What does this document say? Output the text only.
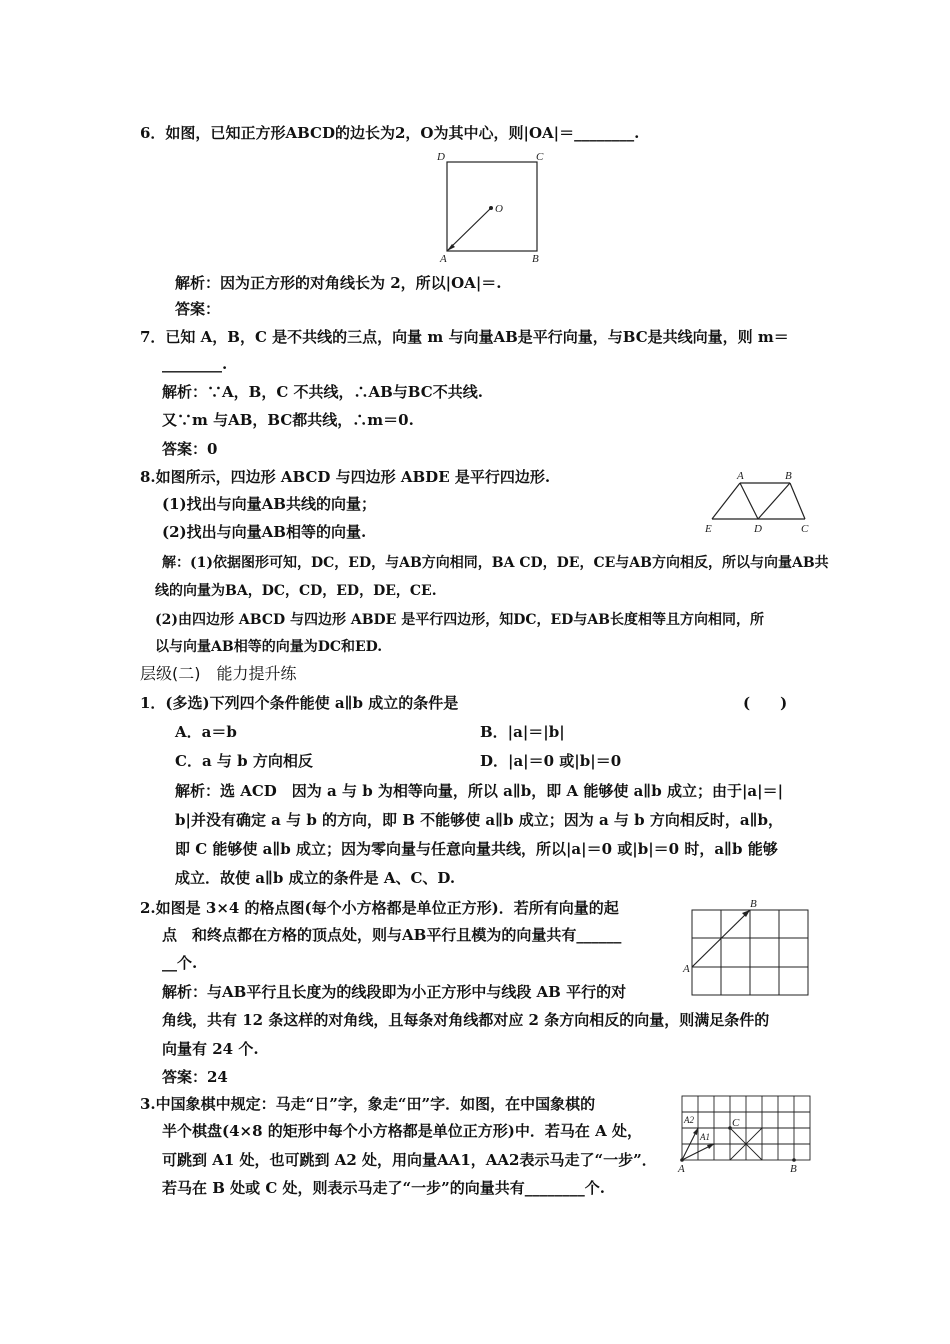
6．如图，已知正方形ABCD的边长为2，O为其中心，则|OA|＝________.
D	C
O
A	B
解析：因为正方形的对角线长为 2，所以|OA|＝.
答案：
7．已知 A，B，C 是不共线的三点，向量 m 与向量AB是平行向量，与BC是共线向量，则 m＝
________.
解析：∵A，B，C 不共线，∴AB与BC不共线.
又∵m 与AB，BC都共线，∴m＝0.
答案：0
8.如图所示，四边形 ABCD 与四边形 ABDE 是平行四边形.
(1)找出与向量AB共线的向量；
(2)找出与向量AB相等的向量.
A	B
E	D	C
解：(1)依据图形可知，DC，ED，与AB方向相同，BA CD，DE，CE与AB方向相反，所以与向量AB共
线的向量为BA，DC，CD，ED，DE，CE.
(2)由四边形 ABCD 与四边形 ABDE 是平行四边形，知DC，ED与AB长度相等且方向相同，所
以与向量AB相等的向量为DC和ED.
层级(二)　能力提升练
1．(多选)下列四个条件能使 a∥b 成立的条件是	(　　)
A．a＝b	B．|a|＝|b|
C．a 与 b 方向相反	D．|a|＝0 或|b|＝0
解析：选 ACD　因为 a 与 b 为相等向量，所以 a∥b，即 A 能够使 a∥b 成立；由于|a|＝|
b|并没有确定 a 与 b 的方向，即 B 不能够使 a∥b 成立；因为 a 与 b 方向相反时，a∥b，
即 C 能够使 a∥b 成立；因为零向量与任意向量共线，所以|a|＝0 或|b|＝0 时，a∥b 能够
成立．故使 a∥b 成立的条件是 A、C、D.
2.如图是 3×4 的格点图(每个小方格都是单位正方形)．若所有向量的起
点　和终点都在方格的顶点处，则与AB平行且模为的向量共有______
__个.	A
B
解析：与AB平行且长度为的线段即为小正方形中与线段 AB 平行的对
角线，共有 12 条这样的对角线，且每条对角线都对应 2 条方向相反的向量，则满足条件的
向量有 24 个.
答案：24
3.中国象棋中规定：马走“日”字，象走“田”字．如图，在中国象棋的
半个棋盘(4×8 的矩形中每个小方格都是单位正方形)中．若马在 A 处，
可跳到 A1 处，也可跳到 A2 处，用向量AA1，AA2表示马走了“一步”．
若马在 B 处或 C 处，则表示马走了“一步”的向量共有________个.
A2
A1
C
A	B
